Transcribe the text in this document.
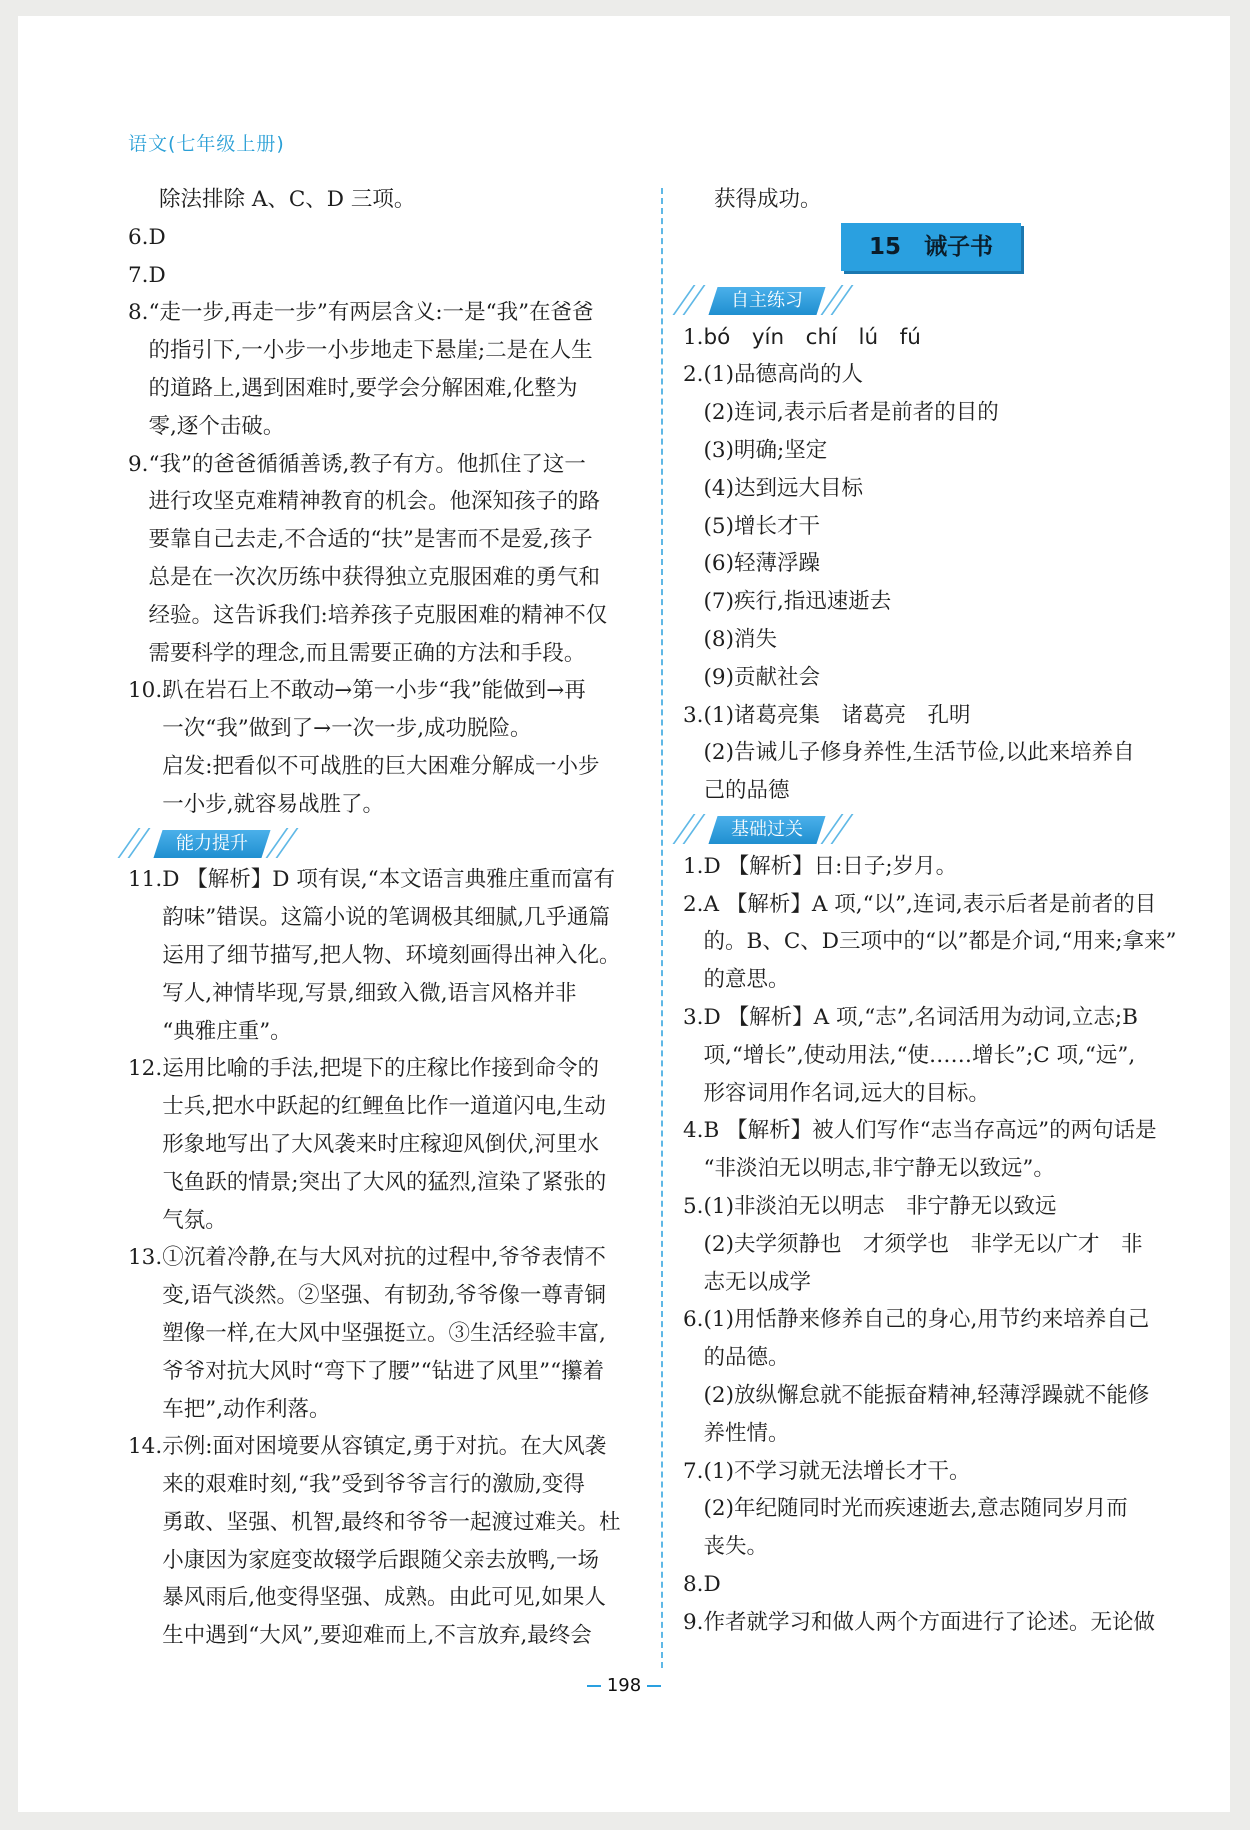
语文(七年级上册)
除法排除 A、C、D 三项。
6. D
7. D
8. “走一步,再走一步”有两层含义:一是“我”在爸爸
的指引下,一小步一小步地走下悬崖;二是在人生
的道路上,遇到困难时,要学会分解困难,化整为
零,逐个击破。
9. “我”的爸爸循循善诱,教子有方。他抓住了这一
进行攻坚克难精神教育的机会。他深知孩子的路
要靠自己去走,不合适的“扶”是害而不是爱,孩子
总是在一次次历练中获得独立克服困难的勇气和
经验。这告诉我们:培养孩子克服困难的精神不仅
需要科学的理念,而且需要正确的方法和手段。
10. 趴在岩石上不敢动→第一小步“我”能做到→再
一次“我”做到了→一次一步,成功脱险。
启发:把看似不可战胜的巨大困难分解成一小步
一小步,就容易战胜了。
能力提升
11. D 【解析】D 项有误,“本文语言典雅庄重而富有
韵味”错误。这篇小说的笔调极其细腻,几乎通篇
运用了细节描写,把人物、环境刻画得出神入化。
写人,神情毕现,写景,细致入微,语言风格并非
“典雅庄重”。
12. 运用比喻的手法,把堤下的庄稼比作接到命令的
士兵,把水中跃起的红鲤鱼比作一道道闪电,生动
形象地写出了大风袭来时庄稼迎风倒伏,河里水
飞鱼跃的情景;突出了大风的猛烈,渲染了紧张的
气氛。
13. ①沉着冷静,在与大风对抗的过程中,爷爷表情不
变,语气淡然。②坚强、有韧劲,爷爷像一尊青铜
塑像一样,在大风中坚强挺立。③生活经验丰富,
爷爷对抗大风时“弯下了腰”“钻进了风里”“攥着
车把”,动作利落。
14. 示例:面对困境要从容镇定,勇于对抗。在大风袭
来的艰难时刻,“我”受到爷爷言行的激励,变得
勇敢、坚强、机智,最终和爷爷一起渡过难关。杜
小康因为家庭变故辍学后跟随父亲去放鸭,一场
暴风雨后,他变得坚强、成熟。由此可见,如果人
生中遇到“大风”,要迎难而上,不言放弃,最终会
获得成功。
15　诫子书
自主练习
1. bó　yín　chí　lú　fú
2. (1)品德高尚的人
(2)连词,表示后者是前者的目的
(3)明确;坚定
(4)达到远大目标
(5)增长才干
(6)轻薄浮躁
(7)疾行,指迅速逝去
(8)消失
(9)贡献社会
3. (1)诸葛亮集　诸葛亮　孔明
(2)告诫儿子修身养性,生活节俭,以此来培养自
己的品德
基础过关
1. D 【解析】日:日子;岁月。
2. A 【解析】A 项,“以”,连词,表示后者是前者的目
的。B、C、D三项中的“以”都是介词,“用来;拿来”
的意思。
3. D 【解析】A 项,“志”,名词活用为动词,立志;B
项,“增长”,使动用法,“使……增长”;C 项,“远”,
形容词用作名词,远大的目标。
4. B 【解析】被人们写作“志当存高远”的两句话是
“非淡泊无以明志,非宁静无以致远”。
5. (1)非淡泊无以明志　非宁静无以致远
(2)夫学须静也　才须学也　非学无以广才　非
志无以成学
6. (1)用恬静来修养自己的身心,用节约来培养自己
的品德。
(2)放纵懈怠就不能振奋精神,轻薄浮躁就不能修
养性情。
7. (1)不学习就无法增长才干。
(2)年纪随同时光而疾速逝去,意志随同岁月而
丧失。
8. D
9. 作者就学习和做人两个方面进行了论述。无论做
198
